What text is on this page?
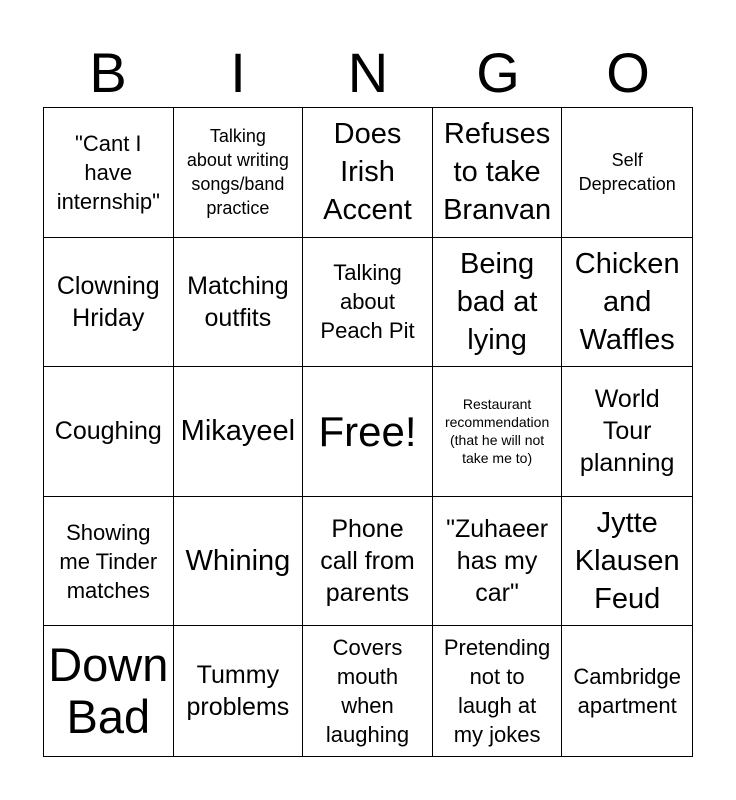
B	I	N	G	O
"Cant I
have
internship"
Talking
about writing
songs/band
practice
Does
Irish
Accent
Refuses
to take
Branvan
Self
Deprecation
Clowning
Hriday
Matching
outfits
Talking
about
Peach Pit
Being
bad at
lying
Chicken
and
Waffles
Coughing Mikayeel Free!
Restaurant
recommendation
(that he will not
take me to)
World
Tour
planning
Showing
me Tinder
matches
Whining
Phone
call from
parents
"Zuhaeer
has my
car"
Jytte
Klausen
Feud
Down
Bad
Tummy
problems
Covers
mouth
when
laughing
Pretending
not to
laugh at
my jokes
Cambridge
apartment
